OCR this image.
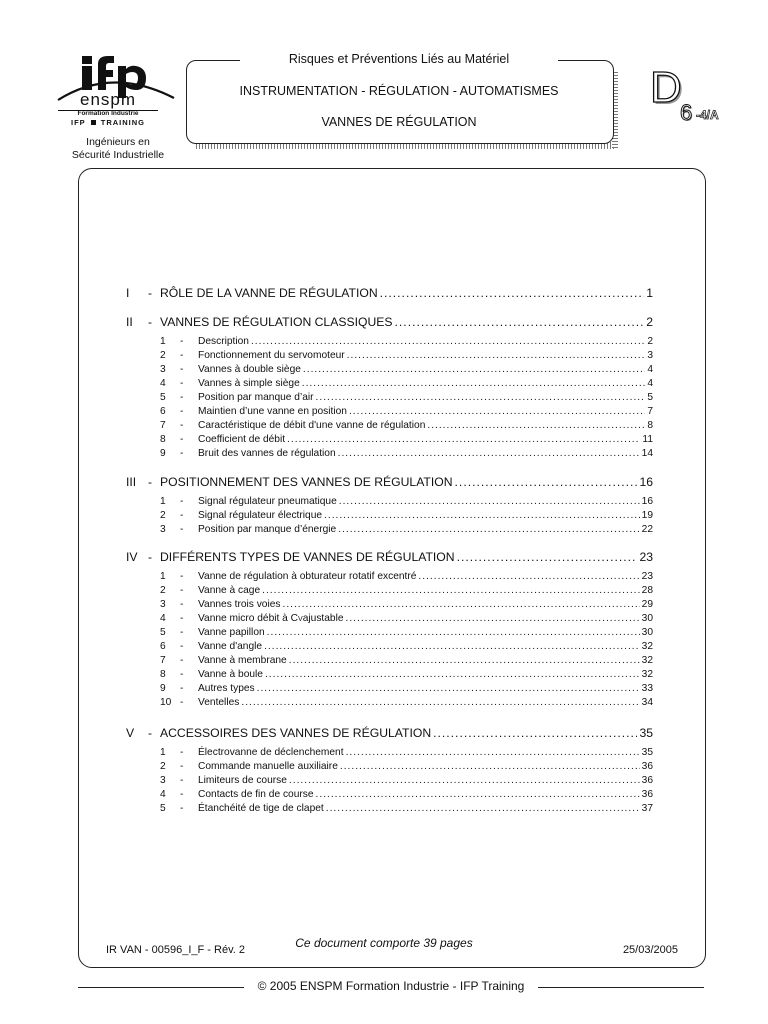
enspm
Formation Industrie
IFP TRAINING
Ingénieurs en
Sécurité Industrielle
Risques et Préventions Liés au Matériel
INSTRUMENTATION - RÉGULATION - AUTOMATISMES
VANNES DE RÉGULATION
D
6 -4/A
I	- RÔLE DE LA VANNE DE RÉGULATION .....	1
II	- VANNES DE RÉGULATION CLASSIQUES .....	2
1	-	Description .....	2
2	-	Fonctionnement du servomoteur .....	3
3	-	Vannes à double siège .....	4
4	-	Vannes à simple siège .....	4
5	-	Position par manque d’air .....	5
6	-	Maintien d’une vanne en position .....	7
7	-	Caractéristique de débit d'une vanne de régulation .....	8
8	-	Coefficient de débit .....	11
9	-	Bruit des vannes de régulation .....	14
III - POSITIONNEMENT DES VANNES DE RÉGULATION .....	16
1	-	Signal régulateur pneumatique .....	16
2	-	Signal régulateur électrique .....	19
3	-	Position par manque d’énergie .....	22
IV - DIFFÉRENTS TYPES DE VANNES DE RÉGULATION .....	23
1	-	Vanne de régulation à obturateur rotatif excentré .....	23
2	-	Vanne à cage .....	28
3	-	Vannes trois voies .....	29
4	-	Vanne micro débit à C V ajustable .....	30
5	-	Vanne papillon .....	30
6	-	Vanne d'angle .....	32
7	-	Vanne à membrane .....	32
8	-	Vanne à boule .....	32
9	-	Autres types .....	33
10 -	Ventelles .....	34
V	- ACCESSOIRES DES VANNES DE RÉGULATION .....	35
1	-	Électrovanne de déclenchement .....	35
2	-	Commande manuelle auxiliaire .....	36
3	-	Limiteurs de course .....	36
4	-	Contacts de fin de course .....	36
5	-	Étanchéité de tige de clapet .....	37
IR VAN - 00596_I_F - Rév. 2	Ce document comporte 39 pages	25/03/2005
© 2005 ENSPM Formation Industrie - IFP Training
